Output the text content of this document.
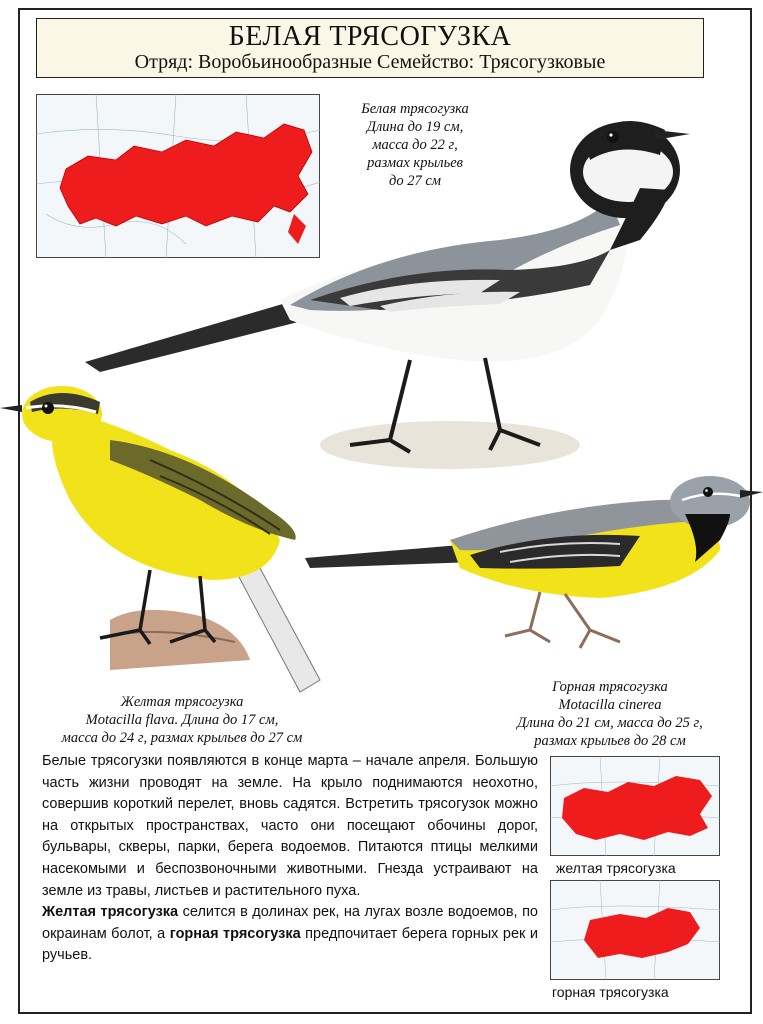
БЕЛАЯ ТРЯСОГУЗКА
Отряд: Воробьинообразные Семейство: Трясогузковые
Белая трясогузка
Длина до 19 см,
масса до 22 г,
размах крыльев
до 27 см
Желтая трясогузка
Motacilla flava. Длина до 17 см,
масса до 24 г, размах крыльев до 27 см
Горная трясогузка
Motacilla cinerea
Длина до 21 см, масса до 25 г,
размах крыльев до 28 см

Белые трясогузки появляются в конце марта – начале апреля. Большую часть жизни проводят на земле. На крыло поднимаются неохотно, совершив короткий перелет, вновь садятся. Встретить трясогузок можно на открытых пространствах, часто они посещают обочины дорог, бульвары, скверы, парки, берега водоемов. Питаются птицы мелкими насекомыми и беспозвоночными животными. Гнезда устраивают на земле из травы, листьев и растительного пуха.

Желтая трясогузка селится в долинах рек, на лугах возле водоемов, по окраинам болот, а горная трясогузка предпочитает берега горных рек и ручьев.

желтая трясогузка
горная трясогузка
